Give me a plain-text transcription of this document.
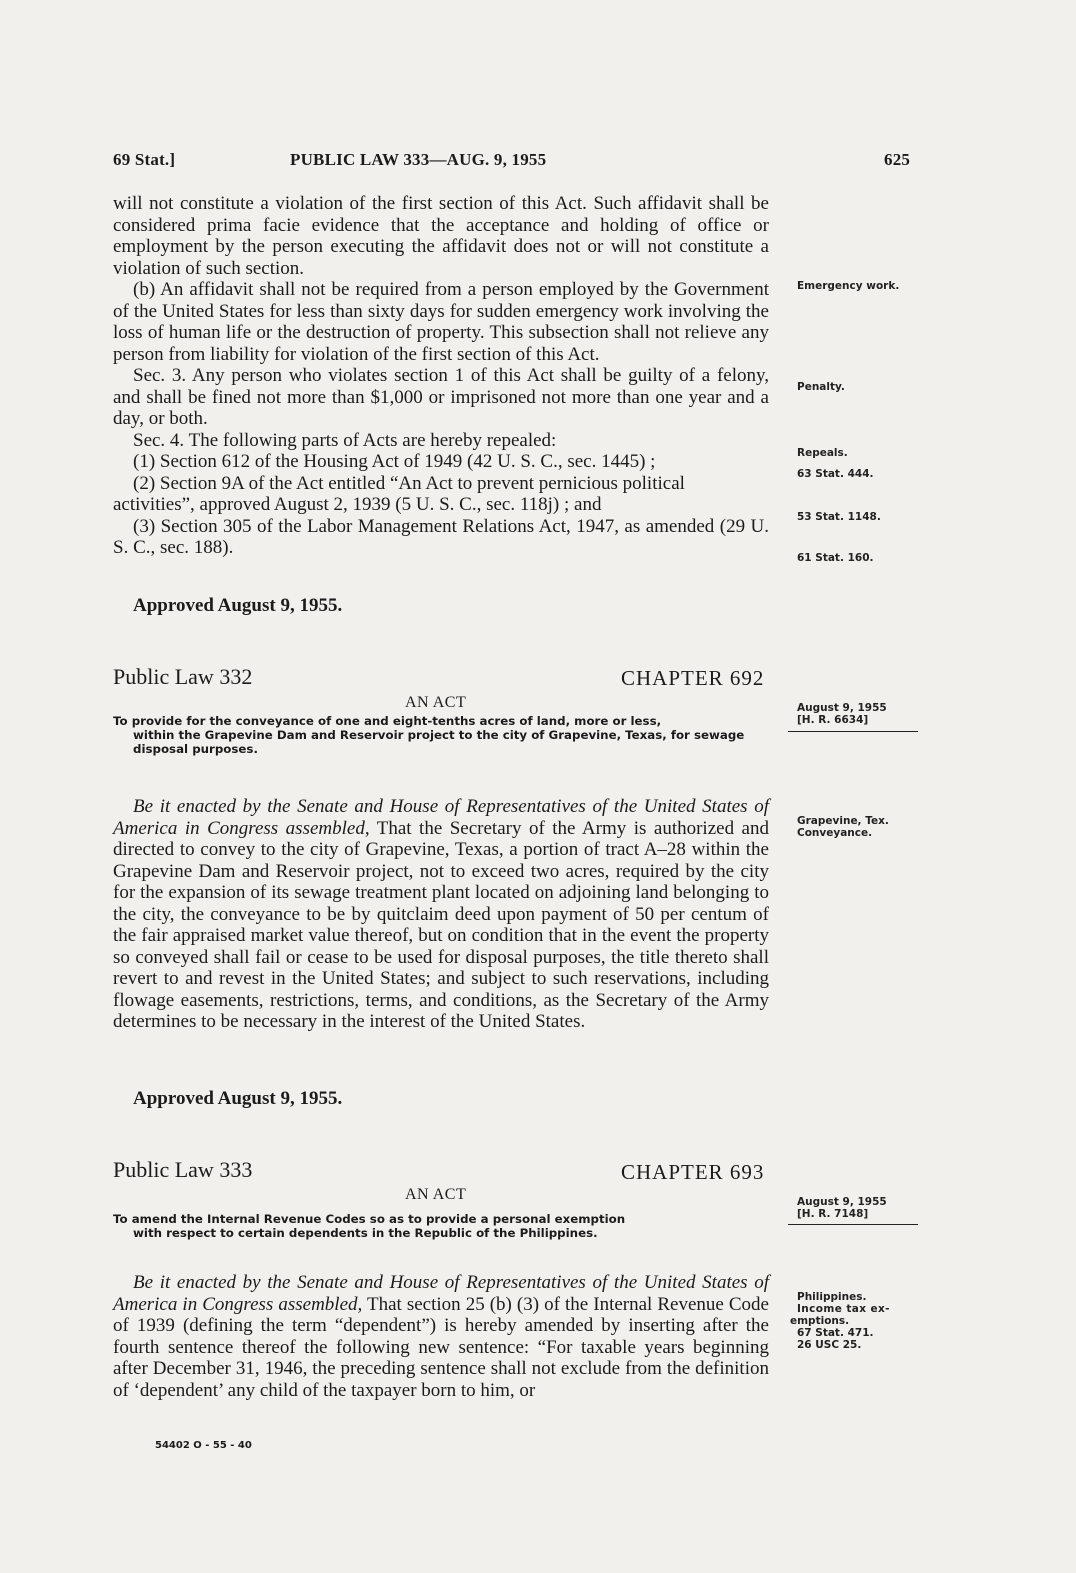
69 Stat.]	PUBLIC LAW 333—AUG. 9, 1955	625

will not constitute a violation of the first section of this Act. Such affidavit shall be considered prima facie evidence that the acceptance and holding of office or employment by the person executing the affidavit does not or will not constitute a violation of such section.

(b) An affidavit shall not be required from a person employed by the Government of the United States for less than sixty days for sudden emergency work involving the loss of human life or the destruction of property. This subsection shall not relieve any person from liability for violation of the first section of this Act.

Sec. 3. Any person who violates section 1 of this Act shall be guilty of a felony, and shall be fined not more than $1,000 or imprisoned not more than one year and a day, or both.

Sec. 4. The following parts of Acts are hereby repealed:

(1) Section 612 of the Housing Act of 1949 (42 U. S. C., sec. 1445) ;

(2) Section 9A of the Act entitled “An Act to prevent pernicious political activities”, approved August 2, 1939 (5 U. S. C., sec. 118j) ; and

(3) Section 305 of the Labor Management Relations Act, 1947, as amended (29 U. S. C., sec. 188).

Approved August 9, 1955.
Public Law 332	CHAPTER 692
AN ACT
To provide for the conveyance of one and eight-tenths acres of land, more or less,
within the Grapevine Dam and Reservoir project to the city of Grapevine, Texas, for sewage disposal purposes.

Be it enacted by the Senate and House of Representatives of the United States of America in Congress assembled, That the Secretary of the Army is authorized and directed to convey to the city of Grapevine, Texas, a portion of tract A–28 within the Grapevine Dam and Reservoir project, not to exceed two acres, required by the city for the expansion of its sewage treatment plant located on adjoining land belonging to the city, the conveyance to be by quitclaim deed upon payment of 50 per centum of the fair appraised market value thereof, but on condition that in the event the property so conveyed shall fail or cease to be used for disposal purposes, the title thereto shall revert to and revest in the United States; and subject to such reservations, including flowage easements, restrictions, terms, and conditions, as the Secretary of the Army determines to be necessary in the interest of the United States.

Approved August 9, 1955.
Public Law 333	CHAPTER 693
AN ACT
To amend the Internal Revenue Codes so as to provide a personal exemption
with respect to certain dependents in the Republic of the Philippines.

Be it enacted by the Senate and House of Representatives of the United States of America in Congress assembled, That section 25 (b) (3) of the Internal Revenue Code of 1939 (defining the term “dependent”) is hereby amended by inserting after the fourth sentence thereof the following new sentence: “For taxable years beginning after December 31, 1946, the preceding sentence shall not exclude from the definition of ‘dependent’ any child of the taxpayer born to him, or

Emergency work.
Penalty.
Repeals.
63 Stat. 444.
53 Stat. 1148.
61 Stat. 160.
August 9, 1955
[H. R. 6634]
Grapevine, Tex.
Conveyance.
August 9, 1955
[H. R. 7148]
Philippines.
Income tax ex-
emptions.
67 Stat. 471.
26 USC 25.
54402 O - 55 - 40
